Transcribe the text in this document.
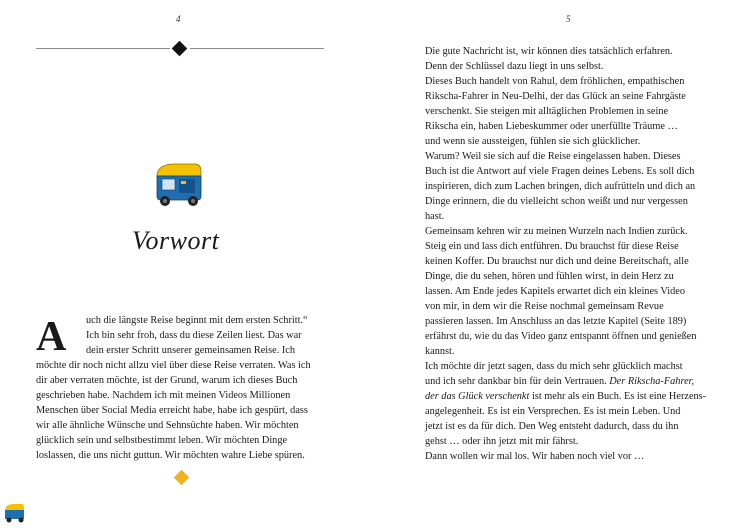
4
Vorwort
A uch die längste Reise beginnt mit dem ersten Schritt.“
Ich bin sehr froh, dass du diese Zeilen liest. Das war
dein erster Schritt unserer gemeinsamen Reise. Ich
möchte dir noch nicht allzu viel über diese Reise verraten. Was ich
dir aber verraten möchte, ist der Grund, warum ich dieses Buch
geschrieben habe. Nachdem ich mit meinen Videos Millionen
Menschen über Social Media erreicht habe, habe ich gespürt, dass
wir alle ähnliche Wünsche und Sehnsüchte haben. Wir möchten
glücklich sein und selbstbestimmt leben. Wir möchten Dinge
loslassen, die uns nicht guttun. Wir möchten wahre Liebe spüren.
5
Die gute Nachricht ist, wir können dies tatsächlich erfahren.
Denn der Schlüssel dazu liegt in uns selbst.
Dieses Buch handelt von Rahul, dem fröhlichen, empathischen
Rikscha-Fahrer in Neu-Delhi, der das Glück an seine Fahrgäste
verschenkt. Sie steigen mit alltäglichen Problemen in seine
Rikscha ein, haben Liebeskummer oder unerfüllte Träume …
und wenn sie aussteigen, fühlen sie sich glücklicher.
Warum? Weil sie sich auf die Reise eingelassen haben. Dieses
Buch ist die Antwort auf viele Fragen deines Lebens. Es soll dich
inspirieren, dich zum Lachen bringen, dich aufrütteln und dich an
Dinge erinnern, die du vielleicht schon weißt und nur vergessen
hast.
Gemeinsam kehren wir zu meinen Wurzeln nach Indien zurück.
Steig ein und lass dich entführen. Du brauchst für diese Reise
keinen Koffer. Du brauchst nur dich und deine Bereitschaft, alle
Dinge, die du sehen, hören und fühlen wirst, in dein Herz zu
lassen. Am Ende jedes Kapitels erwartet dich ein kleines Video
von mir, in dem wir die Reise nochmal gemeinsam Revue
passieren lassen. Im Anschluss an das letzte Kapitel (Seite 189)
erfährst du, wie du das Video ganz entspannt öffnen und genießen
kannst.
Ich möchte dir jetzt sagen, dass du mich sehr glücklich machst
und ich sehr dankbar bin für dein Vertrauen. Der Rikscha-Fahrer,
der das Glück verschenkt ist mehr als ein Buch. Es ist eine Herzens-
angelegenheit. Es ist ein Versprechen. Es ist mein Leben. Und
jetzt ist es da für dich. Den Weg entsteht dadurch, dass du ihn
gehst … oder ihn jetzt mit mir fährst.
Dann wollen wir mal los. Wir haben noch viel vor …
